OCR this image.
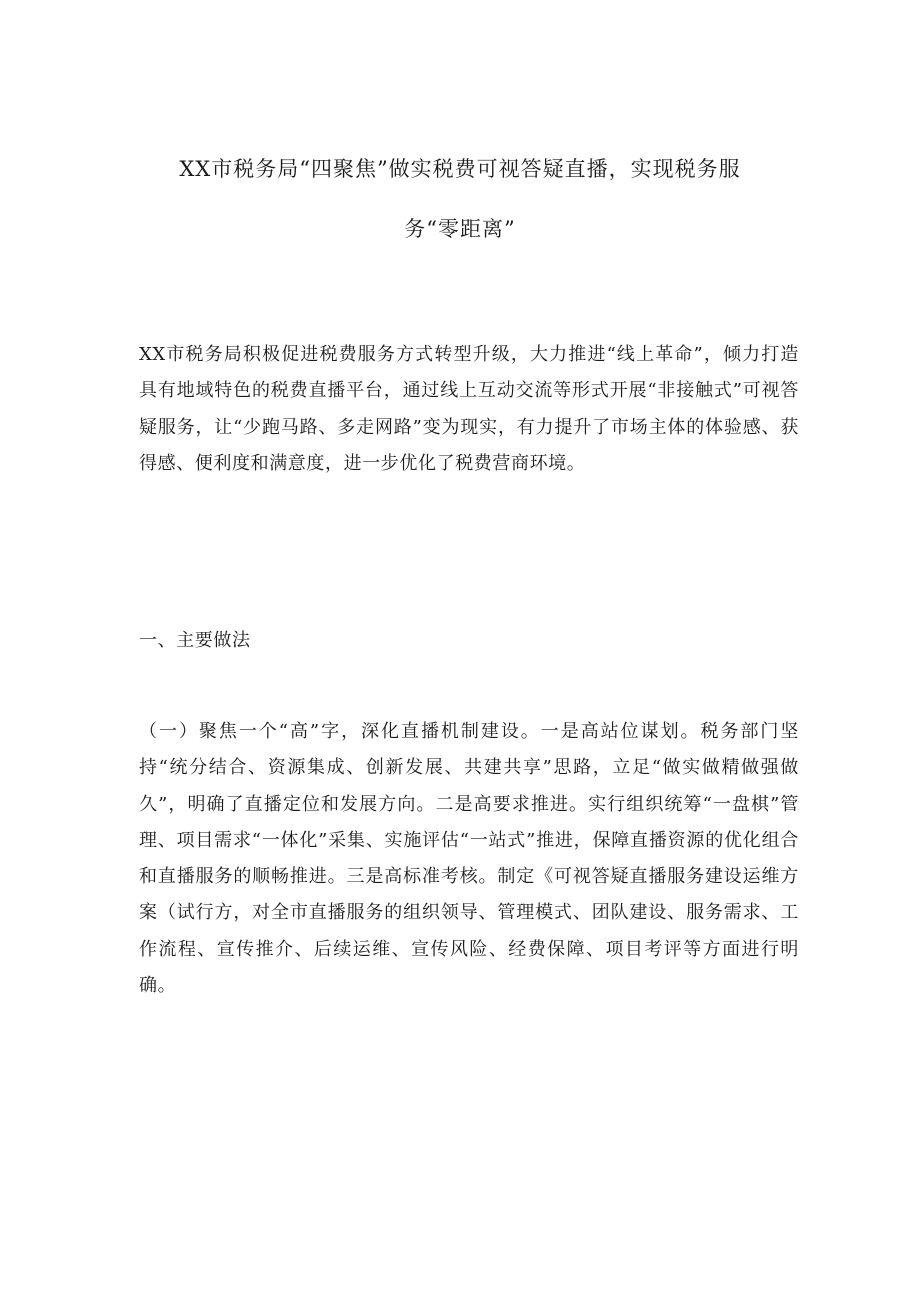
XX市税务局“四聚焦”做实税费可视答疑直播，实现税务服
务“零距离”

XX市税务局积极促进税费服务方式转型升级，大力推进“线上革命”，倾力打造具有地域特色的税费直播平台，通过线上互动交流等形式开展“非接触式”可视答疑服务，让“少跑马路、多走网路”变为现实，有力提升了市场主体的体验感、获得感、便利度和满意度，进一步优化了税费营商环境。

一、主要做法

（一）聚焦一个“高”字，深化直播机制建设。一是高站位谋划。税务部门坚持“统分结合、资源集成、创新发展、共建共享”思路，立足“做实做精做强做久”，明确了直播定位和发展方向。二是高要求推进。实行组织统筹“一盘棋”管理、项目需求“一体化”采集、实施评估“一站式”推进，保障直播资源的优化组合和直播服务的顺畅推进。三是高标准考核。制定《可视答疑直播服务建设运维方案（试行方，对全市直播服务的组织领导、管理模式、团队建设、服务需求、工作流程、宣传推介、后续运维、宣传风险、经费保障、项目考评等方面进行明确。
